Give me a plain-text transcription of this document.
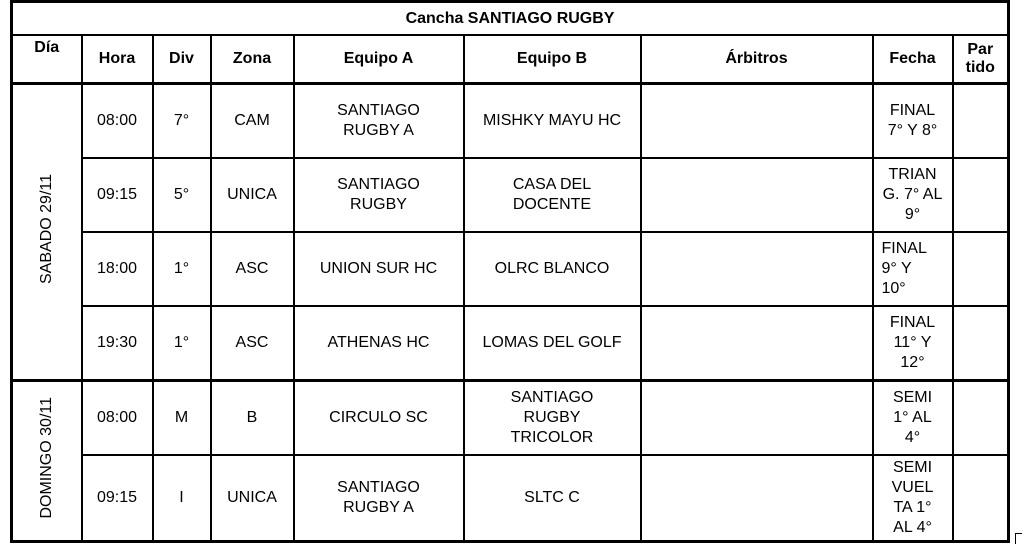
Cancha SANTIAGO RUGBY								
Día	Hora	Div	Zona	Equipo A	Equipo B	Árbitros	Fecha	Par tido
SABADO 29/11	08:00	7°	CAM	SANTIAGO RUGBY A	MISHKY MAYU HC		FINAL 7° Y 8°	
	09:15	5°	UNICA	SANTIAGO RUGBY	CASA DEL DOCENTE		TRIAN G. 7° AL 9°	
	18:00	1°	ASC	UNION SUR HC	OLRC BLANCO		FINAL 9° Y 10°	
	19:30	1°	ASC	ATHENAS HC	LOMAS DEL GOLF		FINAL 11° Y 12°	
DOMINGO 30/11	08:00	M	B	CIRCULO SC	SANTIAGO RUGBY TRICOLOR		SEMI 1° AL 4°	
	09:15	I	UNICA	SANTIAGO RUGBY A	SLTC C		SEMI VUEL TA 1° AL 4°	
